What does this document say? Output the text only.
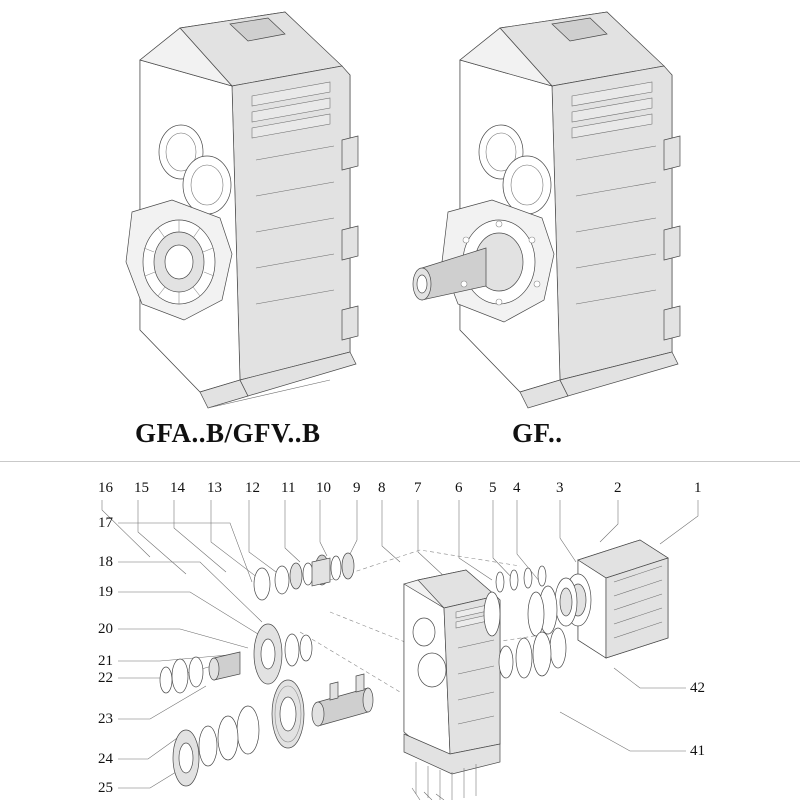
GFA..B/GFV..B	GF..
16 15 14 13 12 11 10 9 8 7 6 5 4 3	2	1
17
18
19
20
21
22
23
24
25
42
41
